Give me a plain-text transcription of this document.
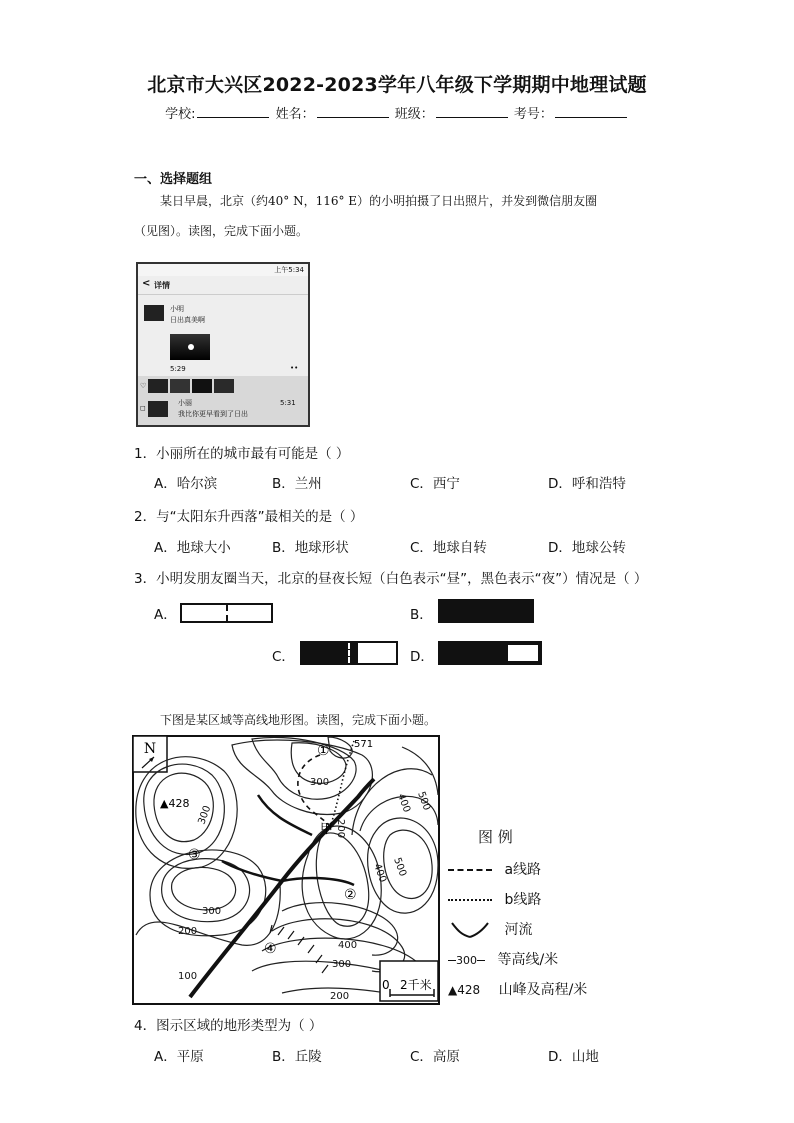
北京市大兴区2022-2023学年八年级下学期期中地理试题
学校:	姓名：	班级：	考号：
一、选择题组
某日早晨，北京（约40° N，116° E）的小明拍摄了日出照片，并发到微信朋友圈
（见图）。读图，完成下面小题。
上午5:34
< 详情
小明
日出真美啊
5:29	••
♡
◻
小丽
我比你更早看到了日出
5:31
1．小丽所在的城市最有可能是（ ）
A．哈尔滨	B．兰州	C．西宁	D．呼和浩特
2．与“太阳东升西落”最相关的是（ ）
A．地球大小	B．地球形状	C．地球自转	D．地球公转
3．小明发朋友圈当天，北京的昼夜长短（白色表示“昼”，黑色表示“夜”）情况是（ ）
A．	B．
C．	D．
下图是某区域等高线地形图。读图，完成下面小题。
N
▲428
571
①
甲
②
③
④
300
500
400
200
500
400
300
200
100
400
300
200
300
0 2千米
图 例
a线路
b线路
河流
300 等高线/米
▲428 山峰及高程/米
4．图示区域的地形类型为（ ）
A．平原	B．丘陵	C．高原	D．山地
